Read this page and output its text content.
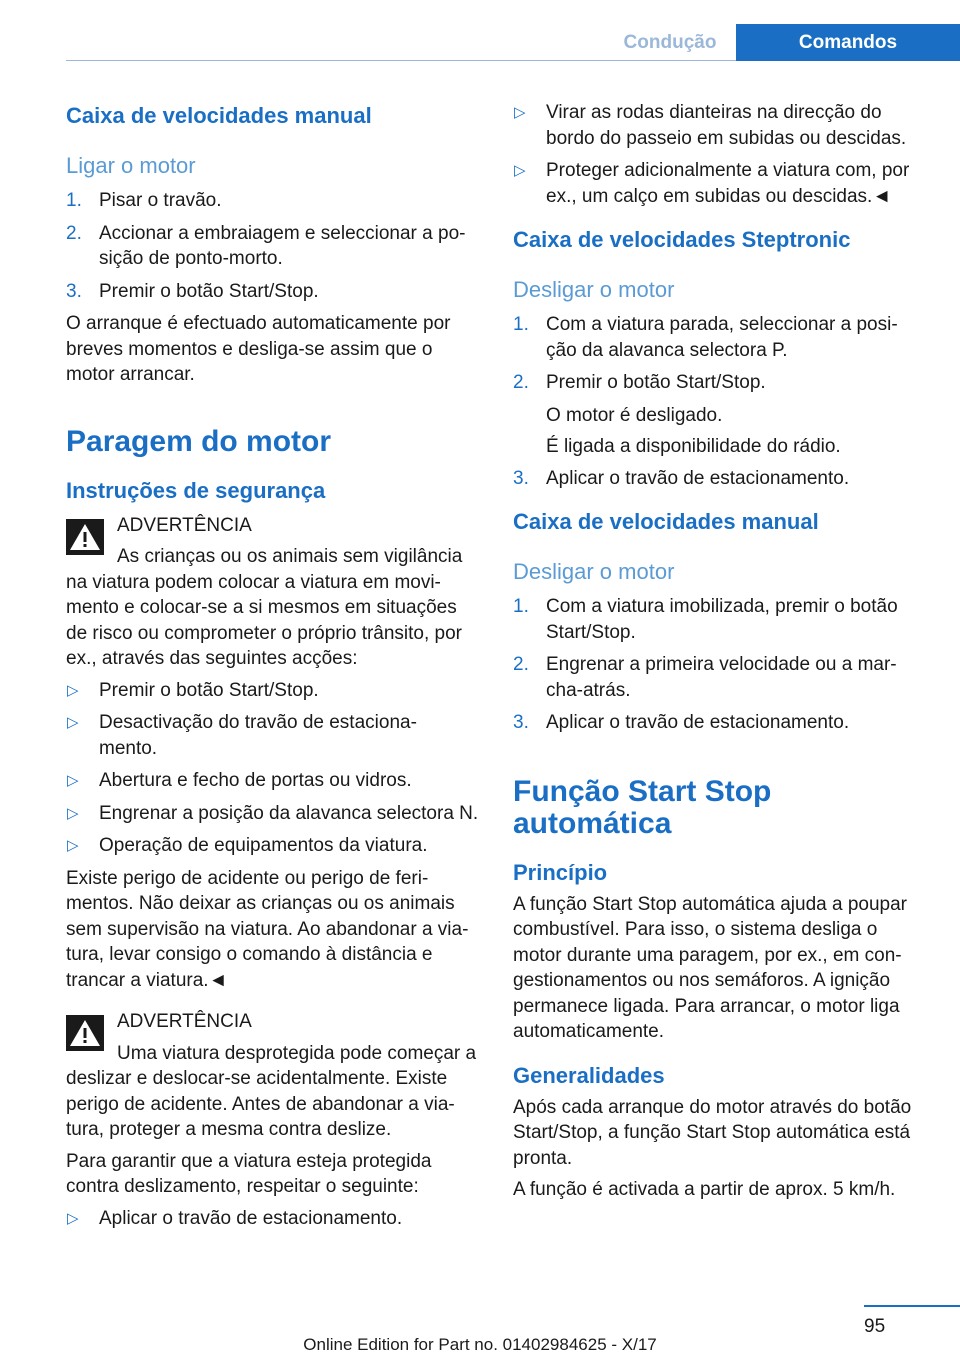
Condução	Comandos
Caixa de velocidades manual
Ligar o motor
1. Pisar o travão.
2. Accionar a embraiagem e seleccionar a po‐ sição de ponto-morto.
3. Premir o botão Start/Stop.
O arranque é efectuado automaticamente por breves momentos e desliga-se assim que o motor arrancar.
Paragem do motor
Instruções de segurança
ADVERTÊNCIA
As crianças ou os animais sem vigilância na viatura podem colocar a viatura em movi‐ mento e colocar-se a si mesmos em situações de risco ou comprometer o próprio trânsito, por ex., através das seguintes acções:
▷ Premir o botão Start/Stop.
▷ Desactivação do travão de estaciona‐ mento.
▷ Abertura e fecho de portas ou vidros.
▷ Engrenar a posição da alavanca selectora N.
▷ Operação de equipamentos da viatura.
Existe perigo de acidente ou perigo de feri‐ mentos. Não deixar as crianças ou os animais sem supervisão na viatura. Ao abandonar a via‐ tura, levar consigo o comando à distância e trancar a viatura.◄
ADVERTÊNCIA
Uma viatura desprotegida pode começar a deslizar e deslocar-se acidentalmente. Existe perigo de acidente. Antes de abandonar a via‐ tura, proteger a mesma contra deslize.
Para garantir que a viatura esteja protegida contra deslizamento, respeitar o seguinte:
▷ Aplicar o travão de estacionamento.
▷ Virar as rodas dianteiras na direcção do bordo do passeio em subidas ou descidas.
▷ Proteger adicionalmente a viatura com, por ex., um calço em subidas ou descidas.◄
Caixa de velocidades Steptronic
Desligar o motor
1. Com a viatura parada, seleccionar a posi‐ ção da alavanca selectora P.
2. Premir o botão Start/Stop.
O motor é desligado.
É ligada a disponibilidade do rádio.
3. Aplicar o travão de estacionamento.
Caixa de velocidades manual
Desligar o motor
1. Com a viatura imobilizada, premir o botão Start/Stop.
2. Engrenar a primeira velocidade ou a mar‐ cha-atrás.
3. Aplicar o travão de estacionamento.
Função Start Stop automática
Princípio
A função Start Stop automática ajuda a poupar combustível. Para isso, o sistema desliga o motor durante uma paragem, por ex., em con‐ gestionamentos ou nos semáforos. A ignição permanece ligada. Para arrancar, o motor liga automaticamente.
Generalidades
Após cada arranque do motor através do botão Start/Stop, a função Start Stop automática está pronta.
A função é activada a partir de aprox. 5 km/h.
95
Online Edition for Part no. 01402984625 - X/17
